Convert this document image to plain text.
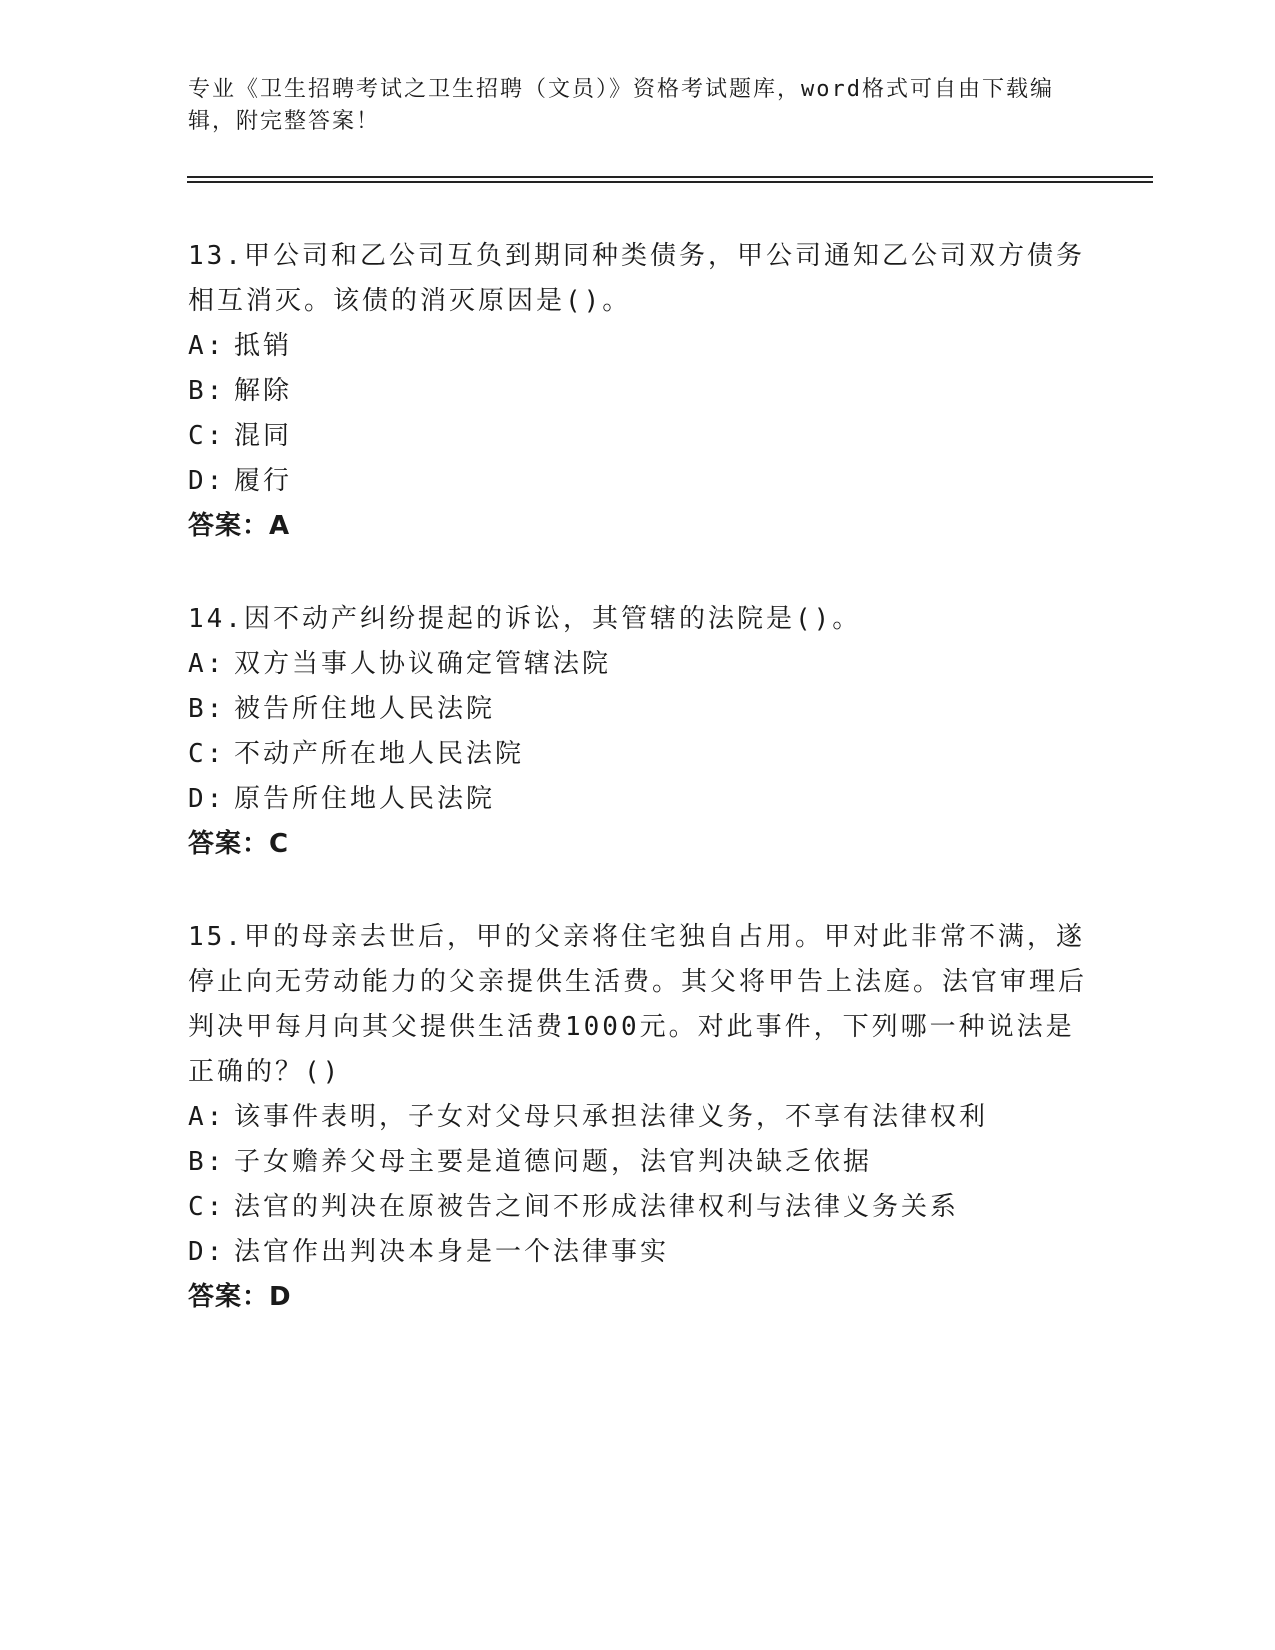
专业《卫生招聘考试之卫生招聘（文员）》资格考试题库，word格式可自由下载编辑，附完整答案！
13.甲公司和乙公司互负到期同种类债务，甲公司通知乙公司双方债务相互消灭。该债的消灭原因是()。
A: 抵销
B: 解除
C: 混同
D: 履行
答案：A
14.因不动产纠纷提起的诉讼，其管辖的法院是()。
A: 双方当事人协议确定管辖法院
B: 被告所住地人民法院
C: 不动产所在地人民法院
D: 原告所住地人民法院
答案：C
15.甲的母亲去世后，甲的父亲将住宅独自占用。甲对此非常不满，遂停止向无劳动能力的父亲提供生活费。其父将甲告上法庭。法官审理后判决甲每月向其父提供生活费1000元。对此事件，下列哪一种说法是正确的？()
A: 该事件表明，子女对父母只承担法律义务，不享有法律权利
B: 子女赡养父母主要是道德问题，法官判决缺乏依据
C: 法官的判决在原被告之间不形成法律权利与法律义务关系
D: 法官作出判决本身是一个法律事实
答案：D
